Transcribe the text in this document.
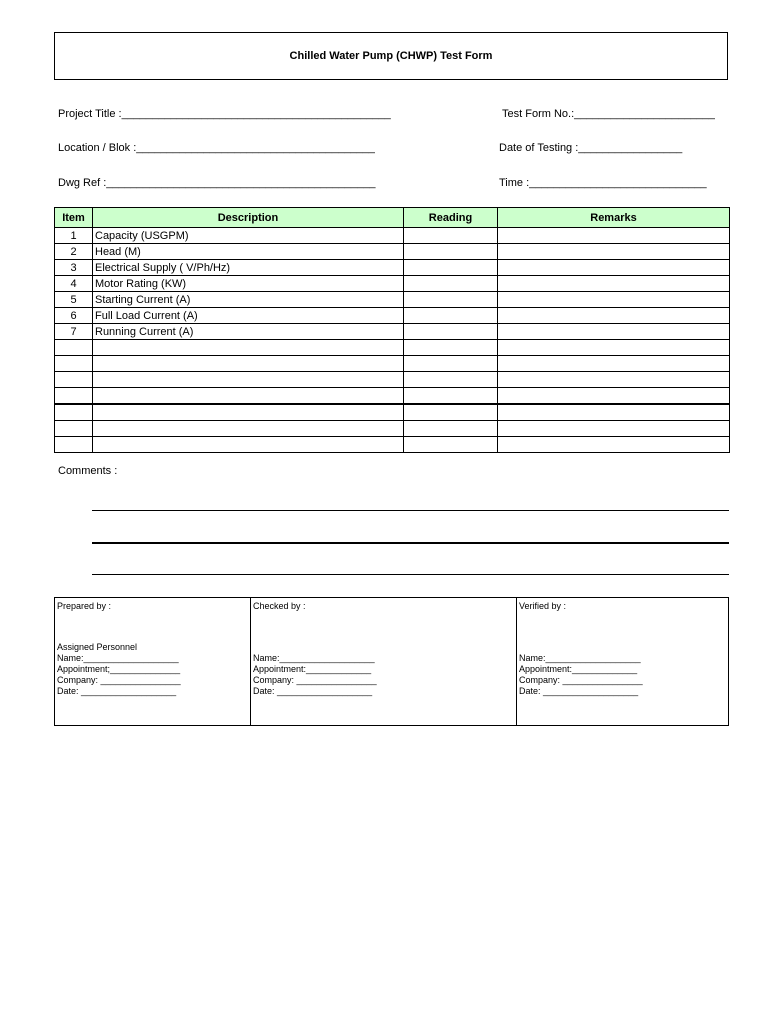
Chilled Water Pump (CHWP) Test Form
Project Title :____________________________________________	Test Form No.:_______________________
Location / Blok :_______________________________________	Date of Testing :_________________
Dwg Ref :____________________________________________	Time :_____________________________
Item	Description	Reading	Remarks
1	Capacity (USGPM)		
2	Head (M)		
3	Electrical Supply ( V/Ph/Hz)		
4	Motor Rating (KW)		
5	Starting Current (A)		
6	Full Load Current (A)		
7	Running Current (A)		

Comments :
Prepared by :
Assigned Personnel
Name:___________________
Appointment;______________
Company: ________________
Date: ___________________
Checked by :
Name:___________________
Appointment:_____________
Company: ________________
Date: ___________________
Verified by :
Name:___________________
Appointment:_____________
Company: ________________
Date: ___________________
